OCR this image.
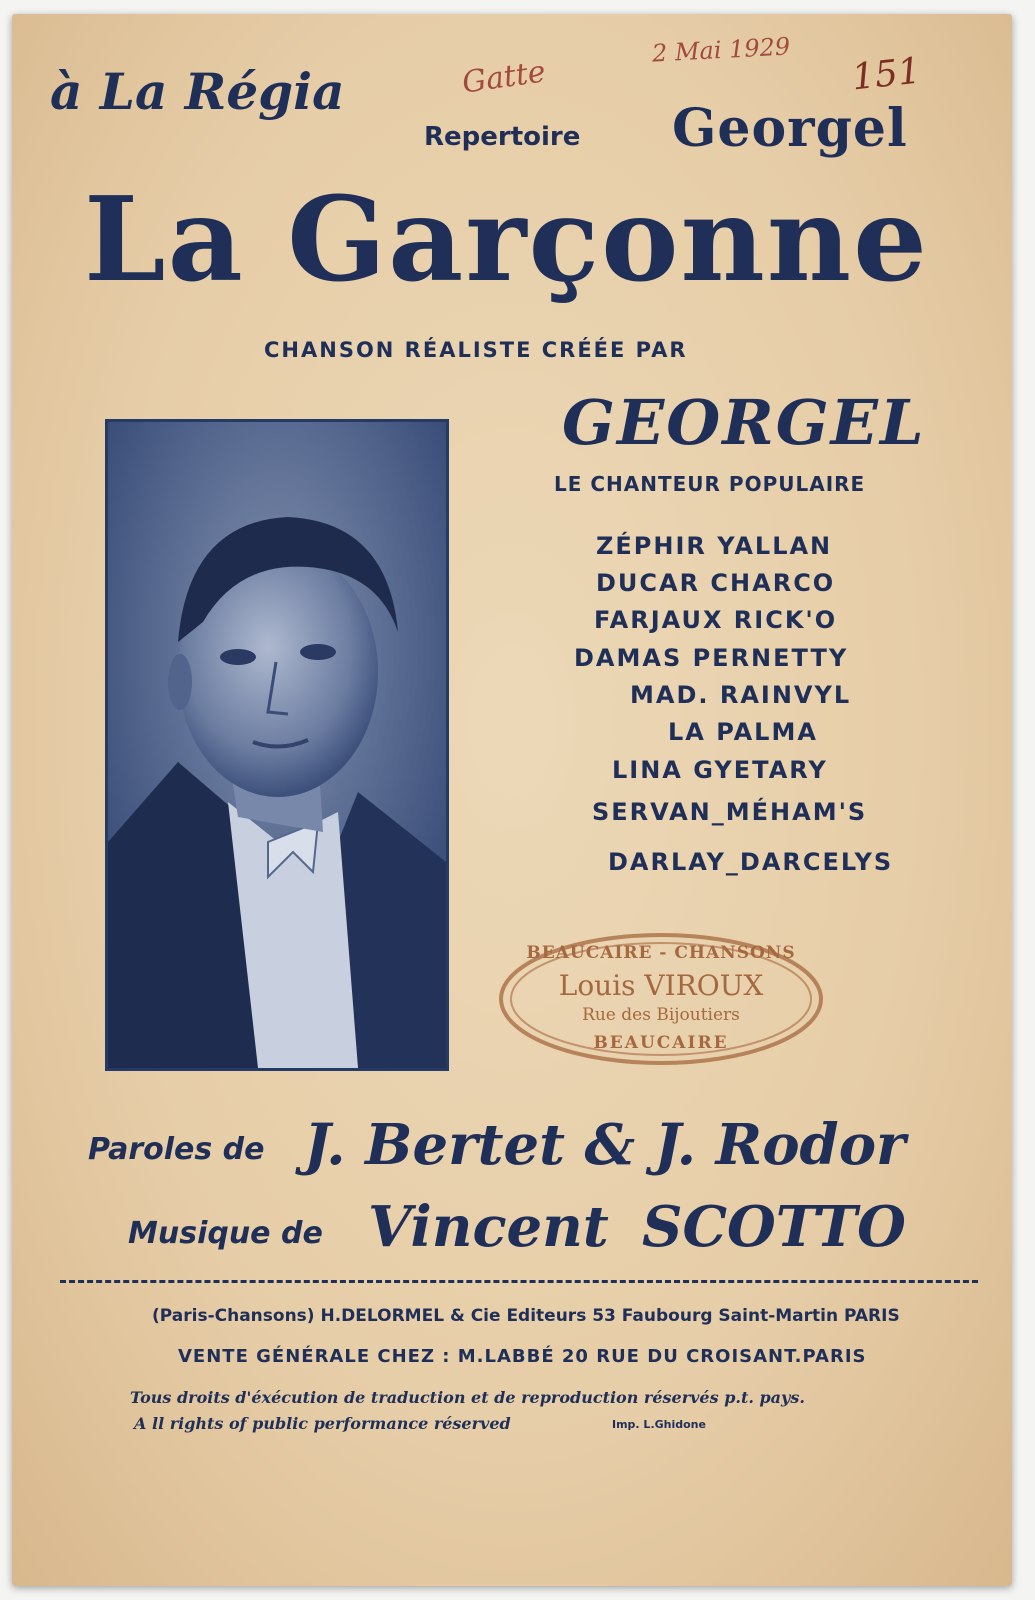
à La Régia
Repertoire Georgel
Gatte
2 Mai 1929
151
La Garçonne
CHANSON RÉALISTE CRÉÉE PAR
GEORGEL
LE CHANTEUR POPULAIRE
ZÉPHIR YALLAN
DUCAR CHARCO
FARJAUX RICK'O
DAMAS PERNETTY
MAD. RAINVYL
LA PALMA
LINA GYETARY
SERVAN_MÉHAM'S
DARLAY_DARCELYS
BEAUCAIRE - CHANSONS
Louis VIROUX
Rue des Bijoutiers
BEAUCAIRE
Paroles de J. Bertet & J. Rodor
Musique de Vincent SCOTTO
(Paris-Chansons) H.DELORMEL & Cie Editeurs 53 Faubourg Saint-Martin PARIS
VENTE GÉNÉRALE CHEZ : M.LABBÉ 20 RUE DU CROISANT.PARIS
Tous droits d'éxécution de traduction et de reproduction réservés p.t. pays.
A ll rights of public performance réserved	Imp. L.Ghidone
